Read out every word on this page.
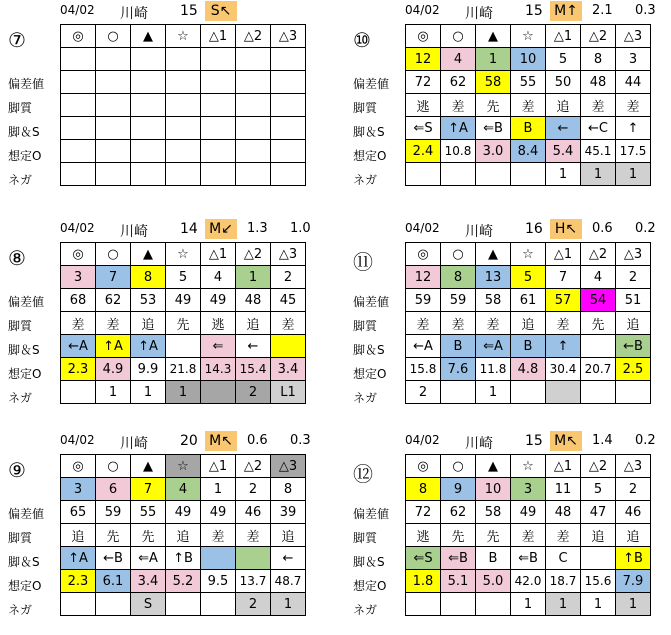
04/02 川崎 15 S↖
⑦
偏差値
脚質
脚＆S
想定O
ネガ
◎	○	▲	☆	△1	△2	△3

04/02 川崎 15 M↑	2.1 0.3
⑩
偏差値
脚質
脚＆S
想定O
ネガ
◎	○	▲	☆	△1	△2	△3
12	4	1	10	5	8	3
72	62	58	55	50	48	44
逃	差	先	差	追	差	差
⇐S	↑A	⇐B	B	←	←C	↑
2.4	10.8	3.0	8.4	5.4	45.1	17.5
				1	1	1
04/02 川崎 14 M↙	1.3 1.0
⑧
偏差値
脚質
脚＆S
想定O
ネガ
◎	○	▲	☆	△1	△2	△3
3	7	8	5	4	1	2
68	62	53	49	49	48	45
差	差	追	先	逃	追	差
←A	↑A	↑A		⇐	←	
2.3	4.9	9.9	21.8	14.3	15.4	3.4
	1	1	1		2	L1
04/02 川崎 16 H↖	0.6 0.2
⑪
偏差値
脚質
脚＆S
想定O
ネガ
◎	○	▲	☆	△1	△2	△3
12	8	13	5	7	4	2
59	59	58	61	57	54	51
差	差	差	追	差	先	追
←A	B	⇐A	B	↑		←B
15.8	7.6	11.8	4.8	30.4	20.7	2.5
2		1				
04/02 川崎 20 M↖	0.6 0.3
⑨
偏差値
脚質
脚＆S
想定O
ネガ
◎	○	▲	☆	△1	△2	△3
3	6	7	4	1	2	8
65	59	55	49	49	46	39
追	先	先	追	差	差	追
↑A	←B	⇐A	↑B			←
2.3	6.1	3.4	5.2	9.5	13.7	48.7
		S			2	1
04/02 川崎 15 M↖	1.4 0.2
⑫
偏差値
脚質
脚＆S
想定O
ネガ
◎	○	▲	☆	△1	△2	△3
8	9	10	3	11	5	2
72	62	58	49	48	47	46
逃	先	先	差	差	追	追
⇐S	⇐B	B	⇐B	C		↑B
1.8	5.1	5.0	42.0	18.7	15.6	7.9
			1	1	1	1
